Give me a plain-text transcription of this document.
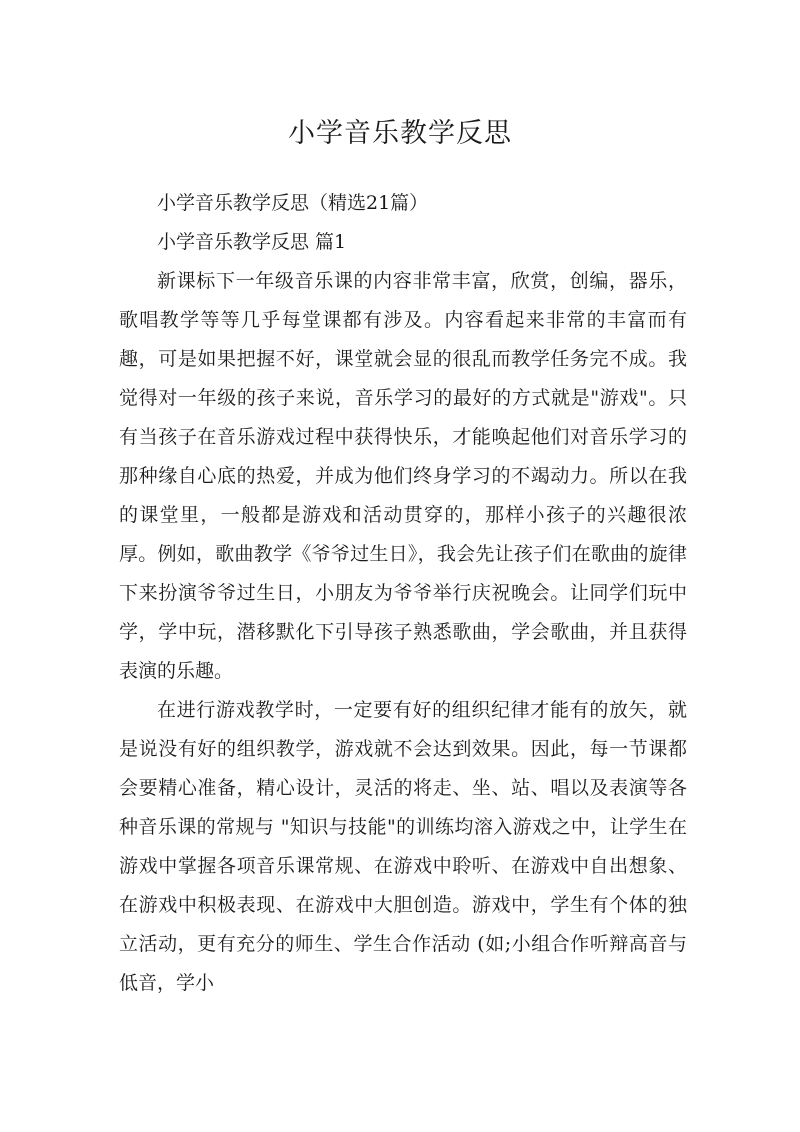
小学音乐教学反思
小学音乐教学反思（精选21篇）
小学音乐教学反思 篇1

新课标下一年级音乐课的内容非常丰富，欣赏，创编，器乐，歌唱教学等等几乎每堂课都有涉及。内容看起来非常的丰富而有趣，可是如果把握不好，课堂就会显的很乱而教学任务完不成。我觉得对一年级的孩子来说，音乐学习的最好的方式就是"游戏"。只有当孩子在音乐游戏过程中获得快乐，才能唤起他们对音乐学习的那种缘自心底的热爱，并成为他们终身学习的不竭动力。所以在我的课堂里，一般都是游戏和活动贯穿的，那样小孩子的兴趣很浓厚。例如，歌曲教学《爷爷过生日》，我会先让孩子们在歌曲的旋律下来扮演爷爷过生日，小朋友为爷爷举行庆祝晚会。让同学们玩中学，学中玩，潜移默化下引导孩子熟悉歌曲，学会歌曲，并且获得表演的乐趣。

在进行游戏教学时，一定要有好的组织纪律才能有的放矢，就是说没有好的组织教学，游戏就不会达到效果。因此，每一节课都会要精心准备，精心设计，灵活的将走、坐、站、唱以及表演等各种音乐课的常规与 "知识与技能"的训练均溶入游戏之中，让学生在游戏中掌握各项音乐课常规、在游戏中聆听、在游戏中自出想象、在游戏中积极表现、在游戏中大胆创造。游戏中，学生有个体的独立活动，更有充分的师生、学生合作活动 (如;小组合作听辩高音与低音，学小
